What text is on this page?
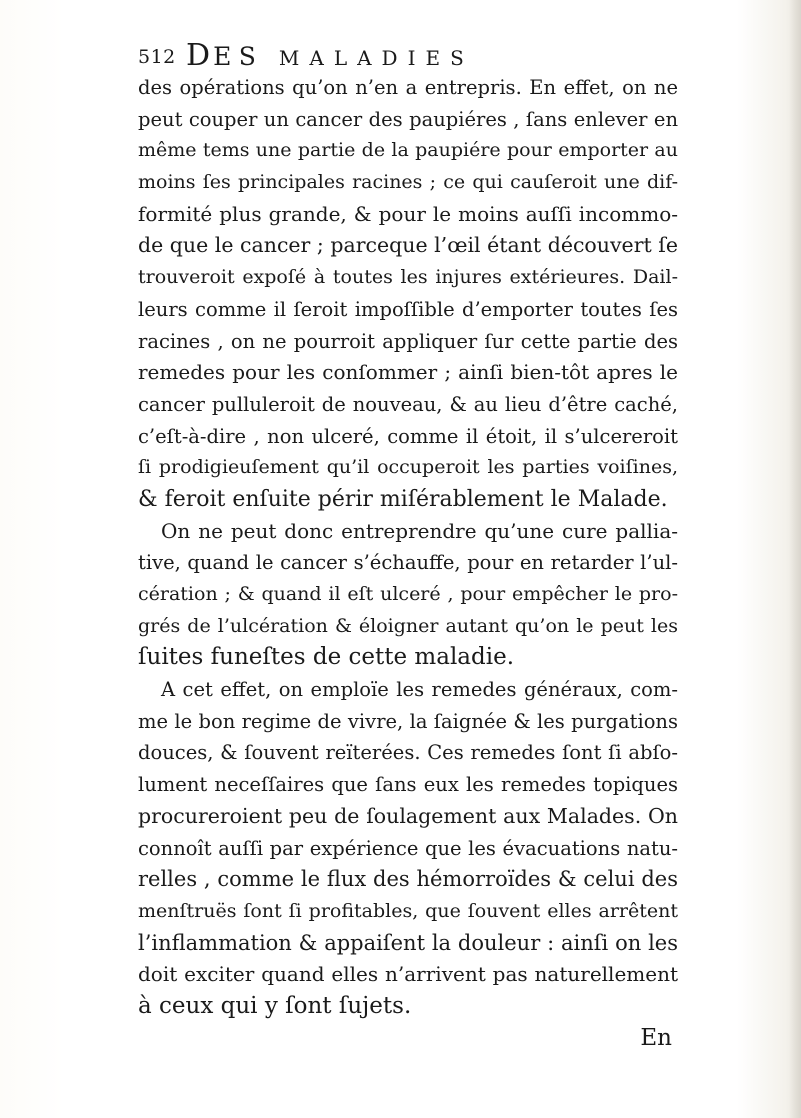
512 DES MALADIES
des opérations qu’on n’en a entrepris. En effet, on ne
peut couper un cancer des paupiéres , ſans enlever en
même tems une partie de la paupiére pour emporter au
moins ſes principales racines ; ce qui cauſeroit une dif-
formité plus grande, & pour le moins auſſi incommo-
de que le cancer ; parceque l’œil étant découvert ſe
trouveroit expoſé à toutes les injures extérieures. Dail-
leurs comme il ſeroit impoſſible d’emporter toutes ſes
racines , on ne pourroit appliquer ſur cette partie des
remedes pour les conſommer ; ainſi bien-tôt apres le
cancer pulluleroit de nouveau, & au lieu d’être caché,
c’eſt-à-dire , non ulceré, comme il étoit, il s’ulcereroit
ſi prodigieuſement qu’il occuperoit les parties voiſines,
& feroit enſuite périr miſérablement le Malade.
On ne peut donc entreprendre qu’une cure pallia-
tive, quand le cancer s’échauffe, pour en retarder l’ul-
cération ; & quand il eſt ulceré , pour empêcher le pro-
grés de l’ulcération & éloigner autant qu’on le peut les
ſuites funeſtes de cette maladie.
A cet effet, on emploïe les remedes généraux, com-
me le bon regime de vivre, la ſaignée & les purgations
douces, & ſouvent reïterées. Ces remedes ſont ſi abſo-
lument neceſſaires que ſans eux les remedes topiques
procureroient peu de ſoulagement aux Malades. On
connoît auſſi par expérience que les évacuations natu-
relles , comme le flux des hémorroïdes & celui des
menſtruës ſont ſi profitables, que ſouvent elles arrêtent
l’inflammation & appaiſent la douleur : ainſi on les
doit exciter quand elles n’arrivent pas naturellement
à ceux qui y ſont ſujets.
En
